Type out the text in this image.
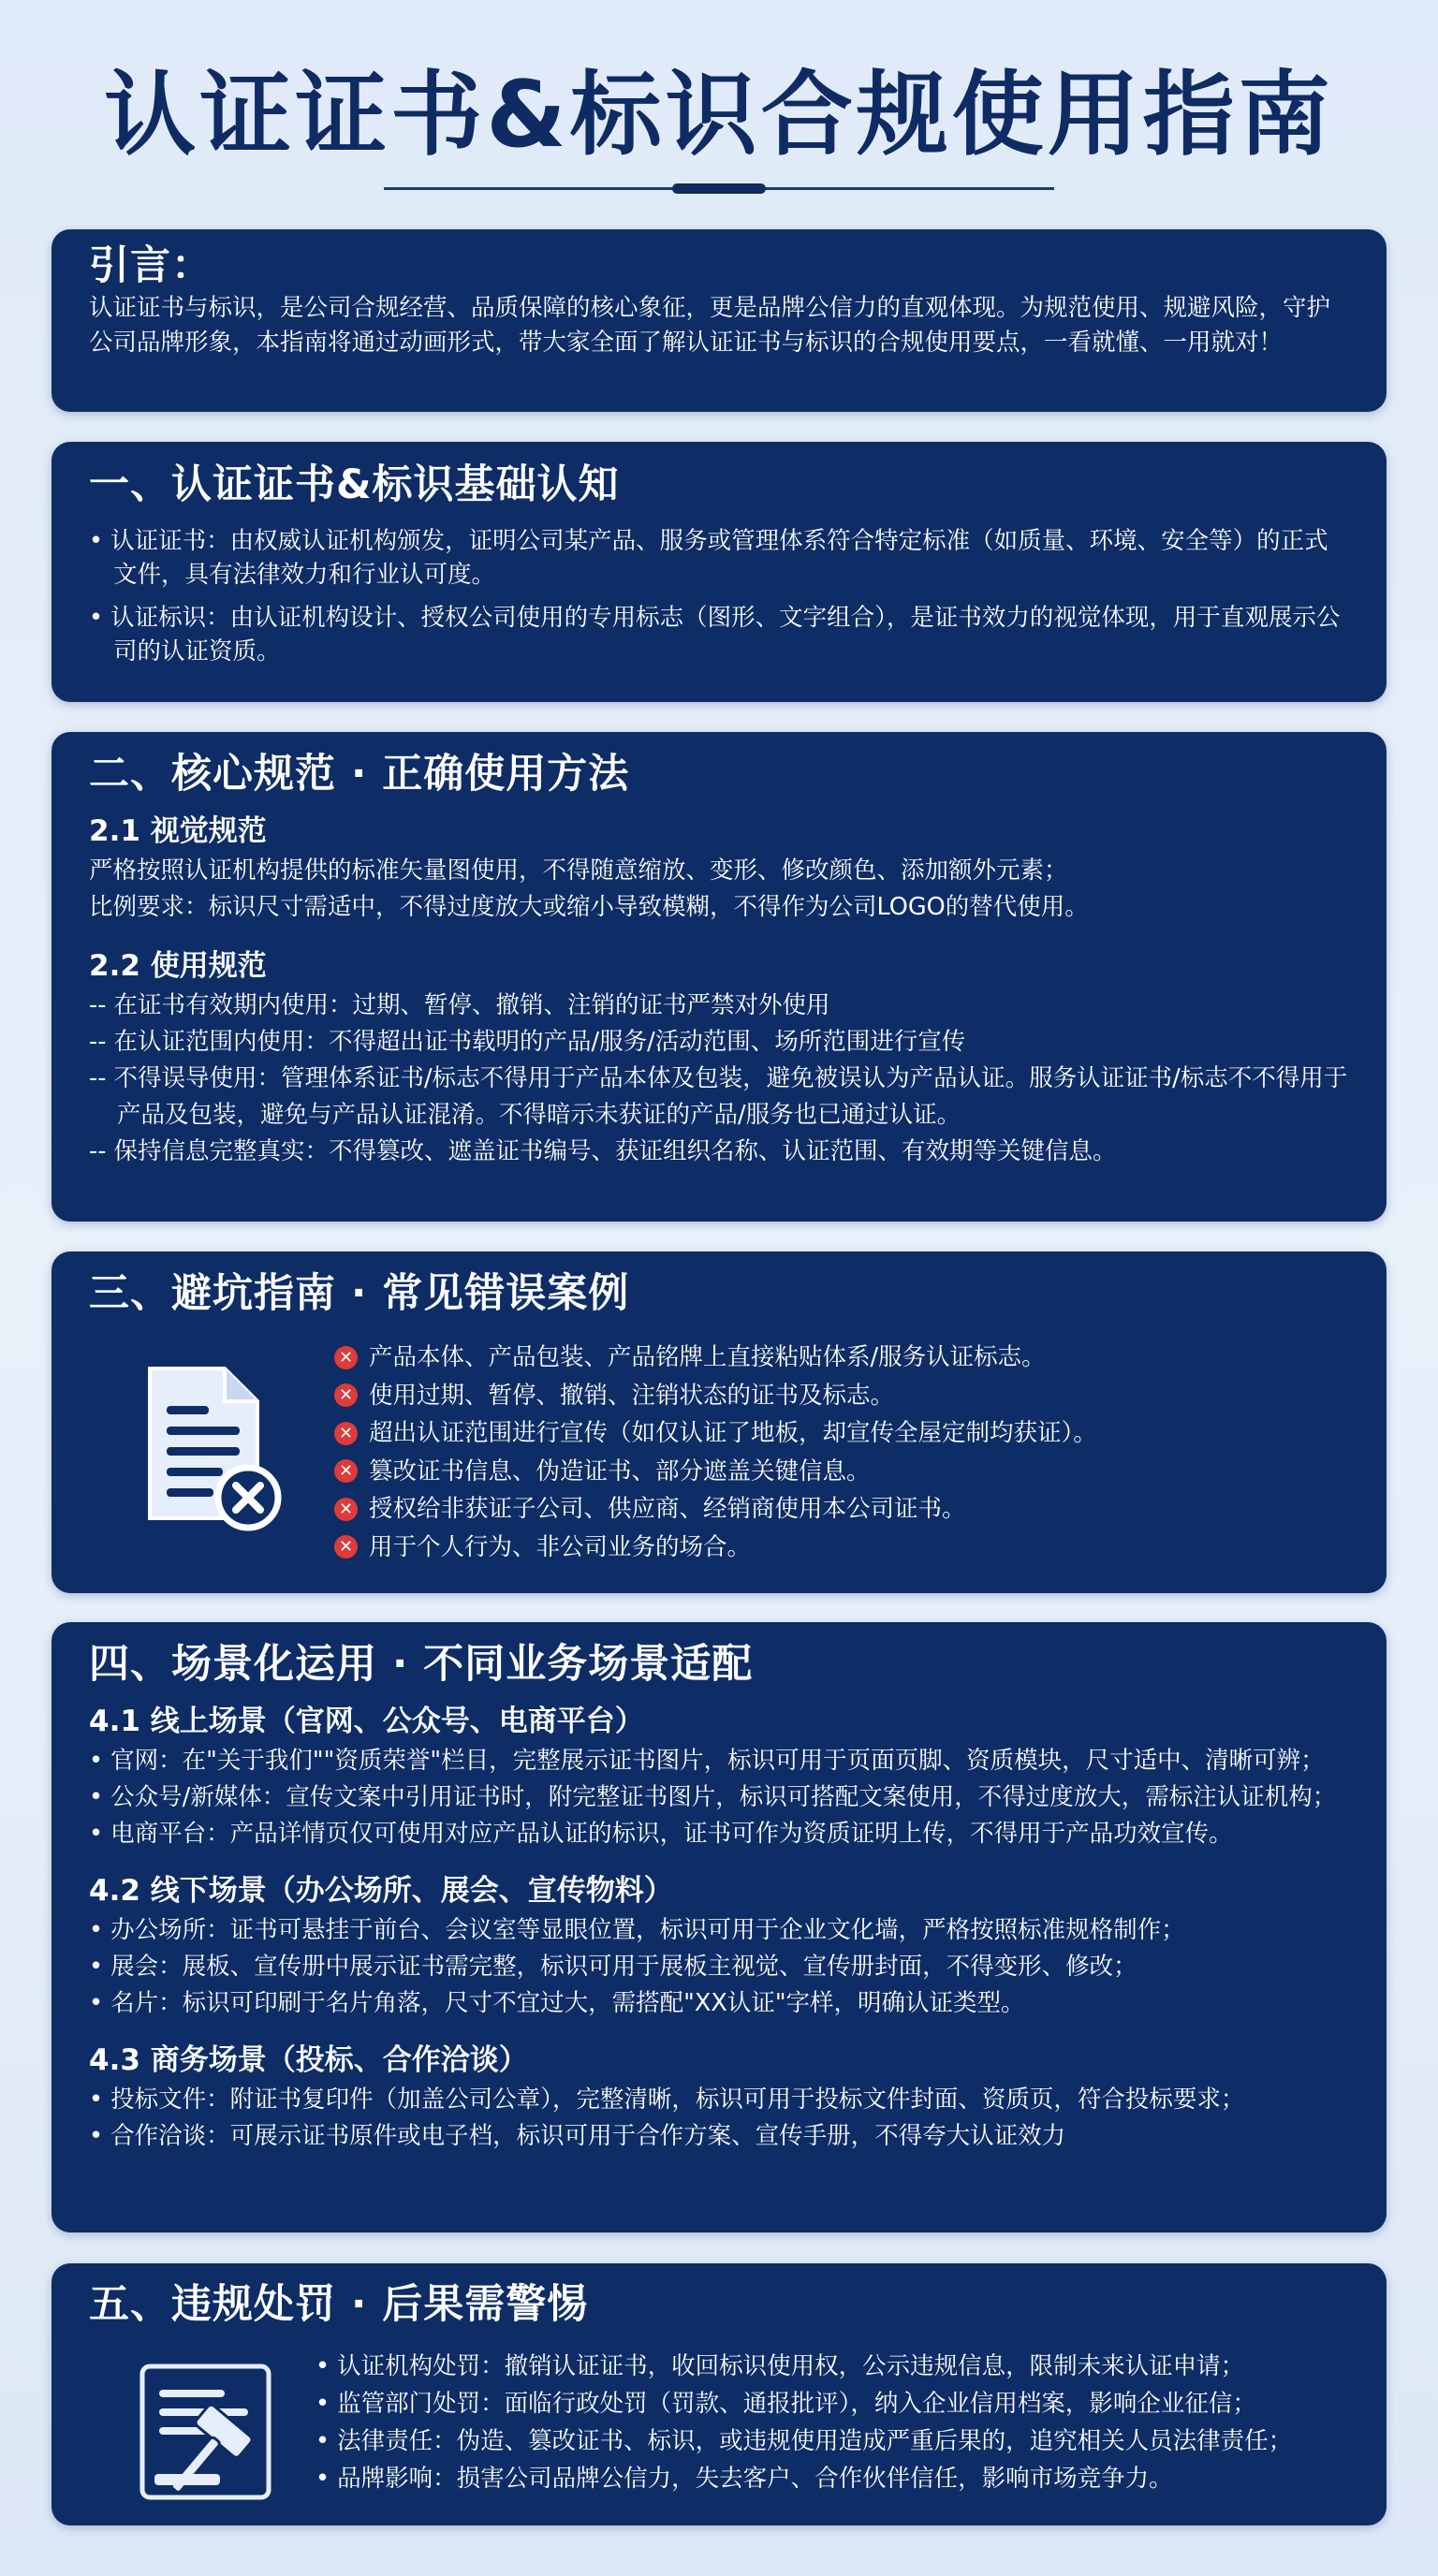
认证证书&标识合规使用指南
引言：

认证证书与标识，是公司合规经营、品质保障的核心象征，更是品牌公信力的直观体现。为规范使用、规避风险，守护公司品牌形象，本指南将通过动画形式，带大家全面了解认证证书与标识的合规使用要点，一看就懂、一用就对！

一、认证证书&标识基础认知

• 认证证书：由权威认证机构颁发，证明公司某产品、服务或管理体系符合特定标准（如质量、环境、安全等）的正式文件，具有法律效力和行业认可度。

• 认证标识：由认证机构设计、授权公司使用的专用标志（图形、文字组合），是证书效力的视觉体现，用于直观展示公司的认证资质。

二、核心规范 · 正确使用方法
2.1 视觉规范

严格按照认证机构提供的标准矢量图使用，不得随意缩放、变形、修改颜色、添加额外元素；

比例要求：标识尺寸需适中，不得过度放大或缩小导致模糊，不得作为公司LOGO的替代使用。

2.2 使用规范

-- 在证书有效期内使用：过期、暂停、撤销、注销的证书严禁对外使用

-- 在认证范围内使用：不得超出证书载明的产品/服务/活动范围、场所范围进行宣传

-- 不得误导使用：管理体系证书/标志不得用于产品本体及包装，避免被误认为产品认证。服务认证证书/标志不不得用于产品及包装，避免与产品认证混淆。不得暗示未获证的产品/服务也已通过认证。

-- 保持信息完整真实：不得篡改、遮盖证书编号、获证组织名称、认证范围、有效期等关键信息。

三、避坑指南 · 常见错误案例
✕ 产品本体、产品包装、产品铭牌上直接粘贴体系/服务认证标志。
✕ 使用过期、暂停、撤销、注销状态的证书及标志。
✕ 超出认证范围进行宣传（如仅认证了地板，却宣传全屋定制均获证）。
✕ 篡改证书信息、伪造证书、部分遮盖关键信息。
✕ 授权给非获证子公司、供应商、经销商使用本公司证书。
✕ 用于个人行为、非公司业务的场合。
四、场景化运用 · 不同业务场景适配
4.1 线上场景（官网、公众号、电商平台）

• 官网：在"关于我们""资质荣誉"栏目，完整展示证书图片，标识可用于页面页脚、资质模块，尺寸适中、清晰可辨；

• 公众号/新媒体：宣传文案中引用证书时，附完整证书图片，标识可搭配文案使用，不得过度放大，需标注认证机构；

• 电商平台：产品详情页仅可使用对应产品认证的标识，证书可作为资质证明上传，不得用于产品功效宣传。

4.2 线下场景（办公场所、展会、宣传物料）

• 办公场所：证书可悬挂于前台、会议室等显眼位置，标识可用于企业文化墙，严格按照标准规格制作；

• 展会：展板、宣传册中展示证书需完整，标识可用于展板主视觉、宣传册封面，不得变形、修改；

• 名片：标识可印刷于名片角落，尺寸不宜过大，需搭配"XX认证"字样，明确认证类型。

4.3 商务场景（投标、合作洽谈）

• 投标文件：附证书复印件（加盖公司公章），完整清晰，标识可用于投标文件封面、资质页，符合投标要求；

• 合作洽谈：可展示证书原件或电子档，标识可用于合作方案、宣传手册，不得夸大认证效力

五、违规处罚 · 后果需警惕

• 认证机构处罚：撤销认证证书，收回标识使用权，公示违规信息，限制未来认证申请；

• 监管部门处罚：面临行政处罚（罚款、通报批评），纳入企业信用档案，影响企业征信；

• 法律责任：伪造、篡改证书、标识，或违规使用造成严重后果的，追究相关人员法律责任；

• 品牌影响：损害公司品牌公信力，失去客户、合作伙伴信任，影响市场竞争力。
